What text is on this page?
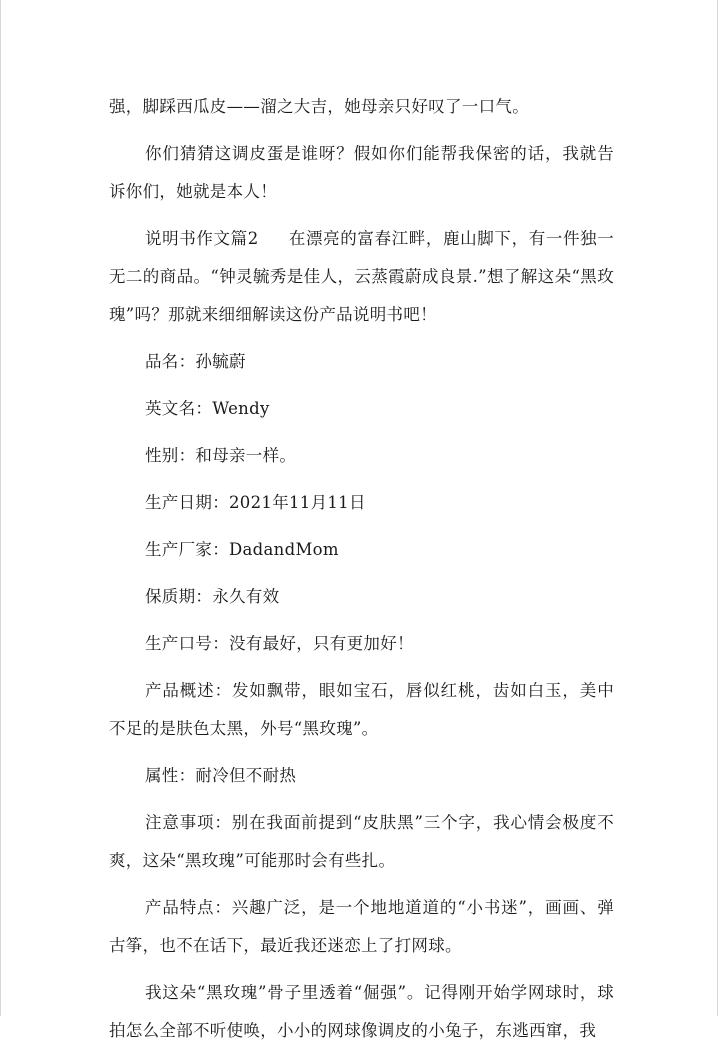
强，脚踩西瓜皮——溜之大吉，她母亲只好叹了一口气。

你们猜猜这调皮蛋是谁呀？假如你们能帮我保密的话，我就告诉你们，她就是本人！

说明书作文篇2 在漂亮的富春江畔，鹿山脚下，有一件独一无二的商品。“钟灵毓秀是佳人，云蒸霞蔚成良景.”想了解这朵“黑玫瑰”吗？那就来细细解读这份产品说明书吧！

品名：孙毓蔚

英文名：Wendy

性别：和母亲一样。

生产日期：2021年11月11日

生产厂家：DadandMom

保质期：永久有效

生产口号：没有最好，只有更加好！

产品概述：发如飘带，眼如宝石，唇似红桃，齿如白玉，美中不足的是肤色太黑，外号“黑玫瑰”。

属性：耐冷但不耐热

注意事项：别在我面前提到“皮肤黑”三个字，我心情会极度不爽，这朵“黑玫瑰”可能那时会有些扎。

产品特点：兴趣广泛，是一个地地道道的“小书迷”，画画、弹古筝，也不在话下，最近我还迷恋上了打网球。

我这朵“黑玫瑰”骨子里透着“倔强”。记得刚开始学网球时，球拍怎么全部不听使唤，小小的网球像调皮的小兔子，东逃西窜，我
